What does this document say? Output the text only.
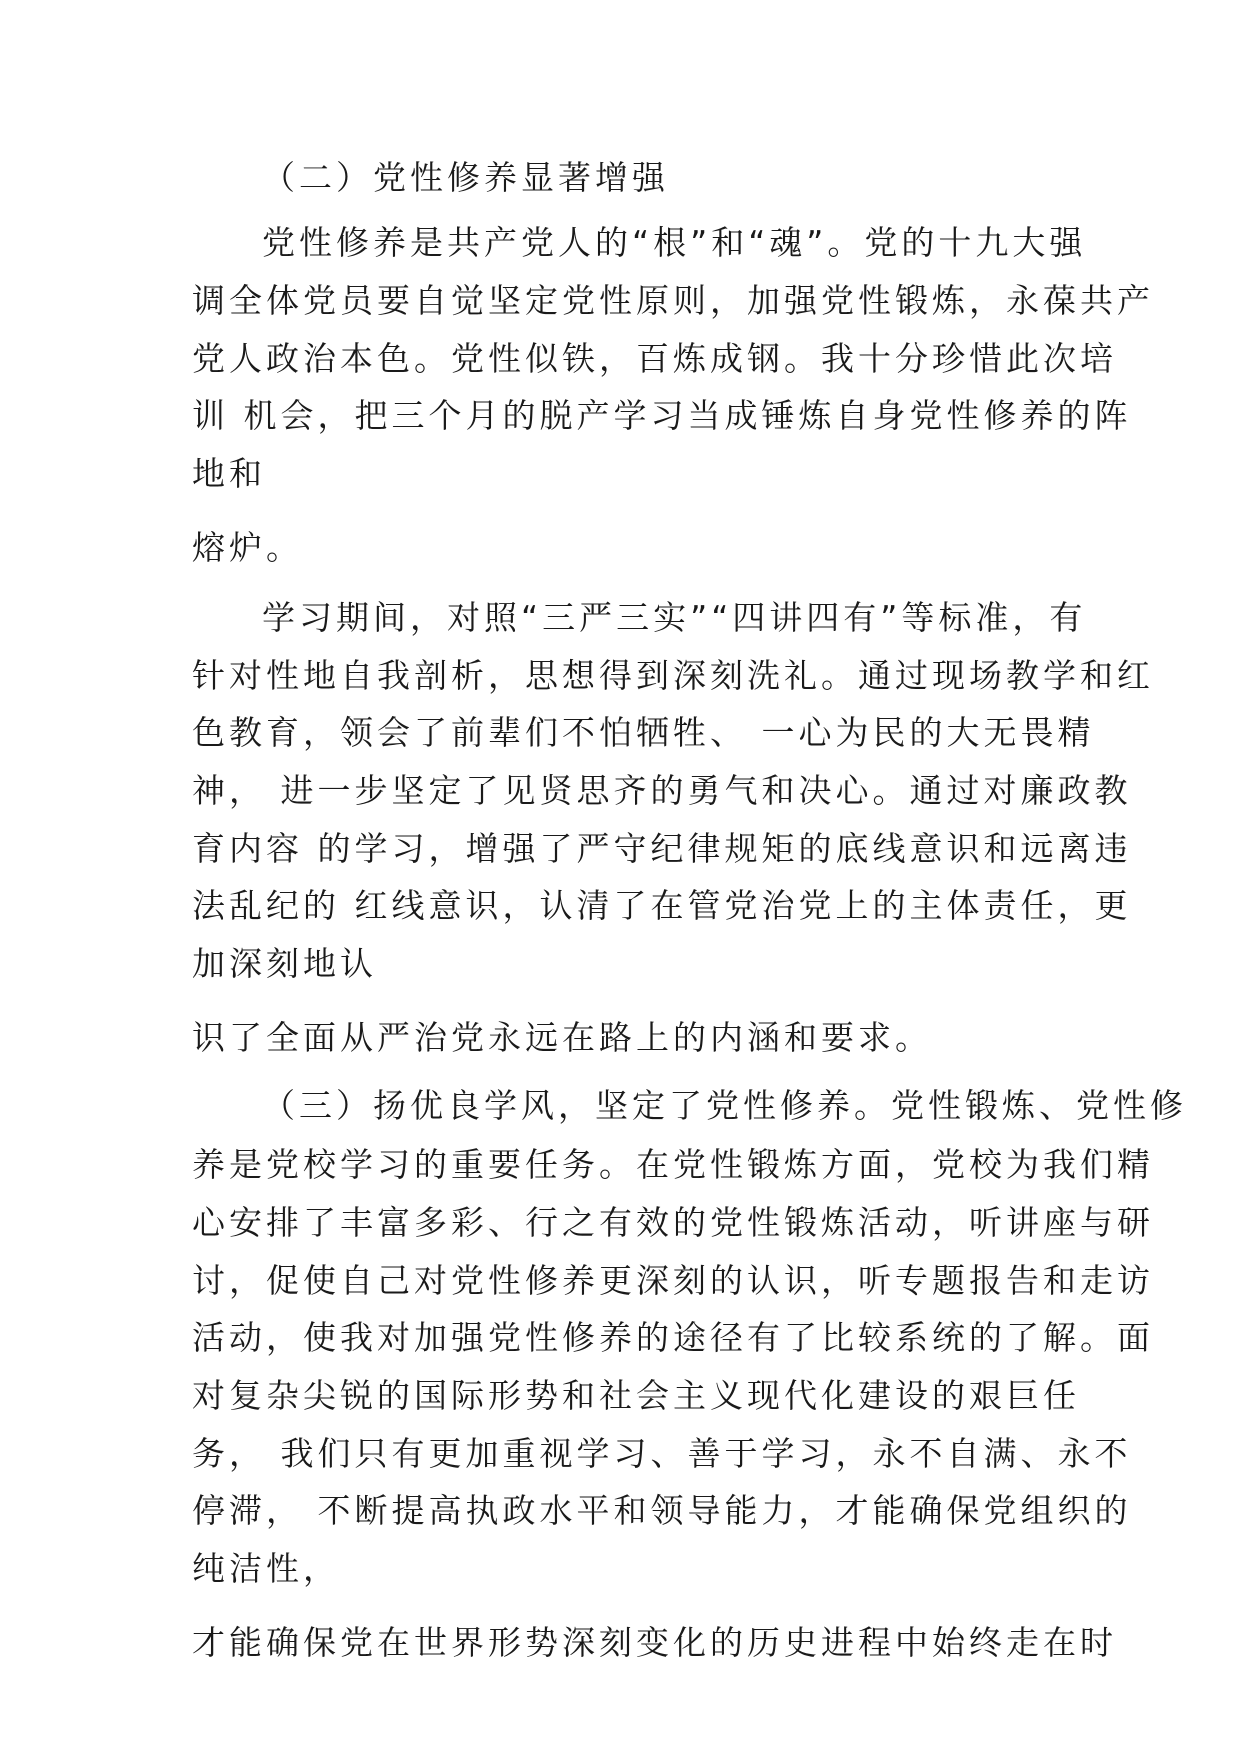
（二）党性修养显著增强
党性修养是共产党人的“根”和“魂”。党的十九大强
调全体党员要自觉坚定党性原则，加强党性锻炼，永葆共产
党人政治本色。党性似铁，百炼成钢。我十分珍惜此次培
训 机会，把三个月的脱产学习当成锤炼自身党性修养的阵
地和
熔炉。
学习期间，对照“三严三实”“四讲四有”等标准，有
针对性地自我剖析，思想得到深刻洗礼。通过现场教学和红
色教育，领会了前辈们不怕牺牲、 一心为民的大无畏精
神， 进一步坚定了见贤思齐的勇气和决心。通过对廉政教
育内容 的学习，增强了严守纪律规矩的底线意识和远离违
法乱纪的 红线意识，认清了在管党治党上的主体责任，更
加深刻地认
识了全面从严治党永远在路上的内涵和要求。
（三）扬优良学风，坚定了党性修养。党性锻炼、党性修
养是党校学习的重要任务。在党性锻炼方面，党校为我们精
心安排了丰富多彩、行之有效的党性锻炼活动，听讲座与研
讨，促使自己对党性修养更深刻的认识，听专题报告和走访
活动，使我对加强党性修养的途径有了比较系统的了解。面
对复杂尖锐的国际形势和社会主义现代化建设的艰巨任
务， 我们只有更加重视学习、善于学习，永不自满、永不
停滞， 不断提高执政水平和领导能力，才能确保党组织的
纯洁性，
才能确保党在世界形势深刻变化的历史进程中始终走在时
